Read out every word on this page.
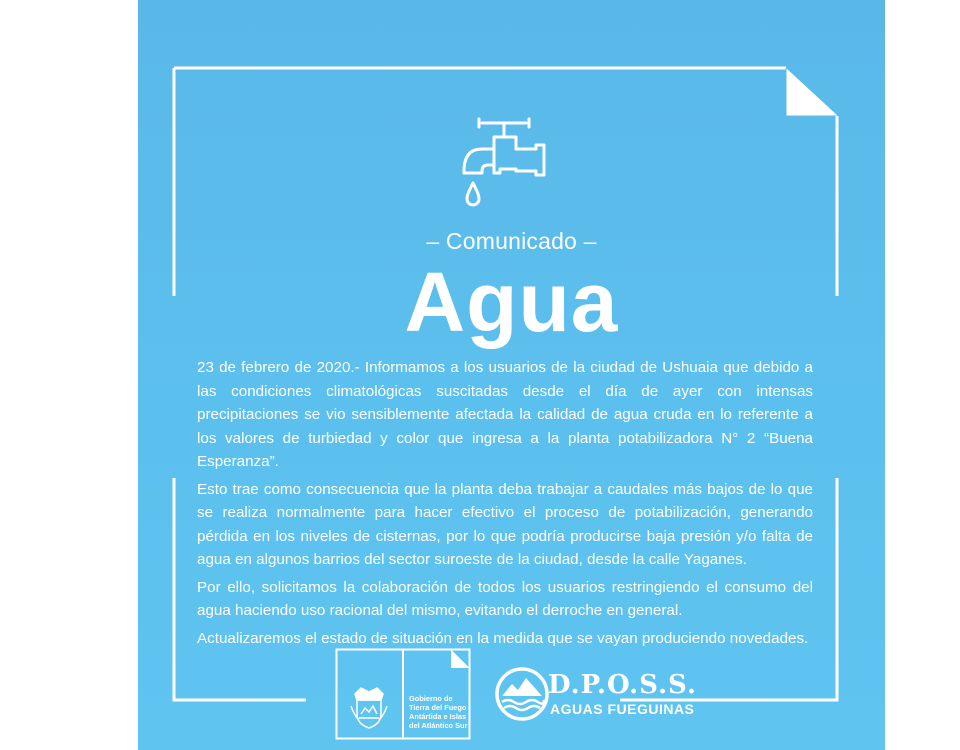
– Comunicado –
Agua

23 de febrero de 2020.- Informamos a los usuarios de la ciudad de Ushuaia que debido a las condiciones climatológicas suscitadas desde el día de ayer con intensas precipitaciones se vio sensiblemente afectada la calidad de agua cruda en lo referente a los valores de turbiedad y color que ingresa a la planta potabilizadora N° 2 “Buena Esperanza”.

Esto trae como consecuencia que la planta deba trabajar a caudales más bajos de lo que se realiza normalmente para hacer efectivo el proceso de potabilización, generando pérdida en los niveles de cisternas, por lo que podría producirse baja presión y/o falta de agua en algunos barrios del sector suroeste de la ciudad, desde la calle Yaganes.

Por ello, solicitamos la colaboración de todos los usuarios restringiendo el consumo del agua haciendo uso racional del mismo, evitando el derroche en general.

Actualizaremos el estado de situación en la medida que se vayan produciendo novedades.

Gobierno de
Tierra del Fuego
Antártida e Islas
del Atlántico Sur
D.P.O.S.S.
AGUAS FUEGUINAS
